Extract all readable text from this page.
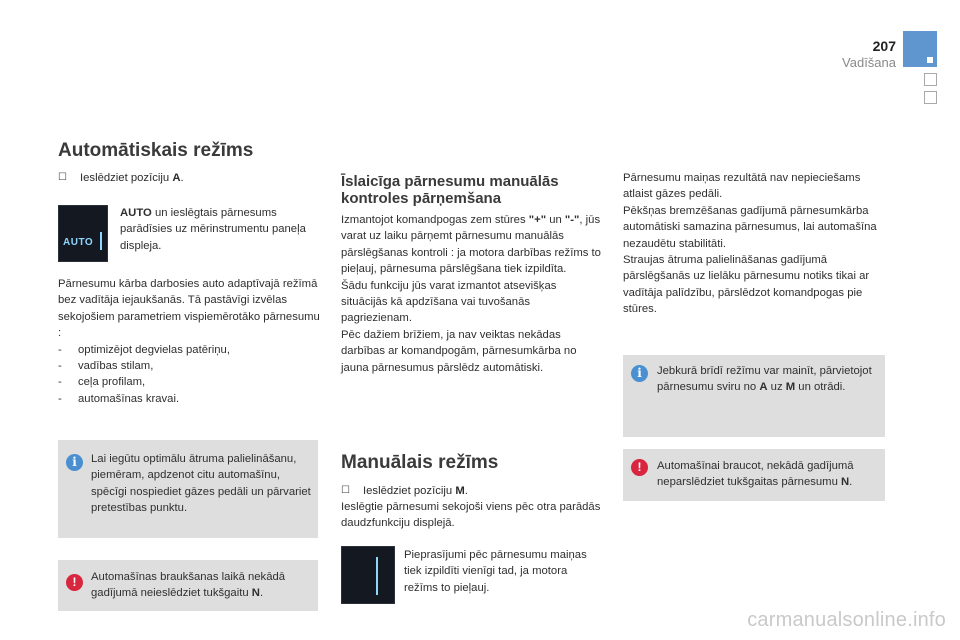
207
Vadīšana
Automātiskais režīms
☐	Ieslēdziet pozīciju A.
AUTO
AUTO un ieslēgtais pārnesums parādīsies uz mērinstrumentu paneļa displeja.

Pārnesumu kārba darbosies auto adaptīvajā režīmā bez vadītāja iejaukšanās. Tā pastāvīgi izvēlas sekojošiem parametriem vispiemērotāko pārnesumu :

-	optimizējot degvielas patēriņu,
-	vadības stilam,
-	ceļa profilam,
-	automašīnas kravai.
i	Lai iegūtu optimālu ātruma palielināšanu, piemēram, apdzenot citu automašīnu, spēcīgi nospiediet gāzes pedāli un pārvariet pretestības punktu.
!	Automašīnas braukšanas laikā nekādā gadījumā neieslēdziet tukšgaitu N.
Īslaicīga pārnesumu manuālās
kontroles pārņemšana

Izmantojot komandpogas zem stūres "+" un "-", jūs varat uz laiku pārņemt pārnesumu manuālās pārslēgšanas kontroli : ja motora darbības režīms to pieļauj, pārnesuma pārslēgšana tiek izpildīta.

Šādu funkciju jūs varat izmantot atsevišķas situācijās kā apdzīšana vai tuvošanās pagriezienam.

Pēc dažiem brīžiem, ja nav veiktas nekādas darbības ar komandpogām, pārnesumkārba no jauna pārnesumus pārslēdz automātiski.

Manuālais režīms
☐	Ieslēdziet pozīciju M.
Ieslēgtie pārnesumi sekojoši viens pēc otra parādās daudzfunkciju displejā.
Pieprasījumi pēc pārnesumu maiņas tiek izpildīti vienīgi tad, ja motora režīms to pieļauj.

Pārnesumu maiņas rezultātā nav nepieciešams atlaist gāzes pedāli.

Pēkšņas bremzēšanas gadījumā pārnesumkārba automātiski samazina pārnesumus, lai automašīna nezaudētu stabilitāti.

Straujas ātruma palielināšanas gadījumā pārslēgšanās uz lielāku pārnesumu notiks tikai ar vadītāja palīdzību, pārslēdzot komandpogas pie stūres.

i	Jebkurā brīdī režīmu var mainīt, pārvietojot pārnesumu sviru no A uz M un otrādi.
!	Automašīnai braucot, nekādā gadījumā neparslēdziet tukšgaitas pārnesumu N.
carmanualsonline.info
